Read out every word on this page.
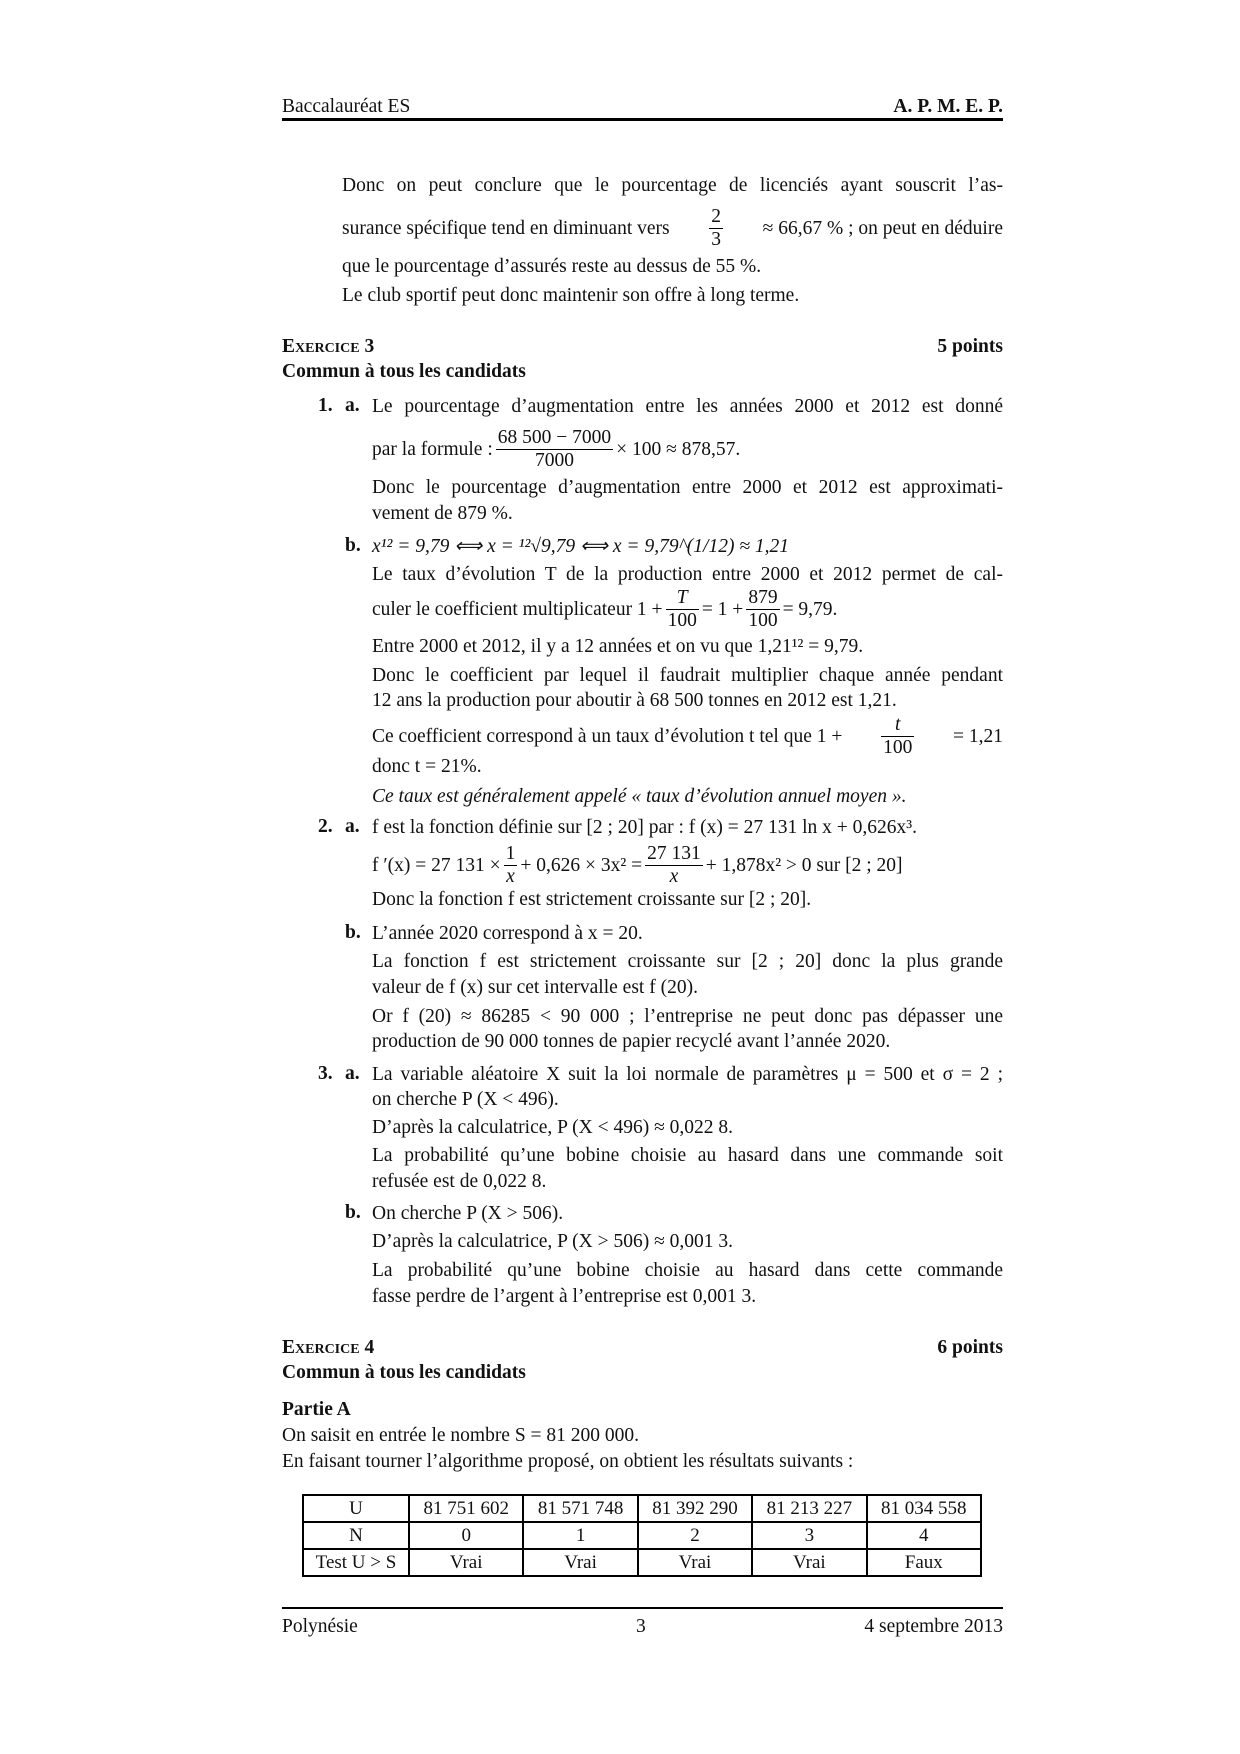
Baccalauréat ES	A. P. M. E. P.
Donc on peut conclure que le pourcentage de licenciés ayant souscrit l’as-
surance spécifique tend en diminuant vers $\frac{2}{3} \approx 66,67$ % ; on peut en déduire
que le pourcentage d’assurés reste au dessus de 55 %.
Le club sportif peut donc maintenir son offre à long terme.
Exercice 3	5 points
Commun à tous les candidats
1. a. Le pourcentage d’augmentation entre les années 2000 et 2012 est donné
par la formule : $\frac{68 500 - 7000}{7000} \times 100 \approx 878,57$.
Donc le pourcentage d’augmentation entre 2000 et 2012 est approximati-
vement de 879 %.
b. x¹² = 9,79 ⟺ x = ¹²√9,79 ⟺ x = 9,79^(1/12) ≈ 1,21
Le taux d’évolution T de la production entre 2000 et 2012 permet de cal-
culer le coefficient multiplicateur $1 + \frac{T}{100} = 1 + \frac{879}{100} = 9,79$.
Entre 2000 et 2012, il y a 12 années et on vu que 1,21¹² = 9,79.
Donc le coefficient par lequel il faudrait multiplier chaque année pendant
12 ans la production pour aboutir à 68 500 tonnes en 2012 est 1,21.
Ce coefficient correspond à un taux d’évolution t tel que $1 + \frac{t}{100} = 1,21$
donc t = 21%.
Ce taux est généralement appelé « taux d’évolution annuel moyen ».
2. a. f est la fonction définie sur [2 ; 20] par : f (x) = 27 131 ln x + 0,626x³.
f ′(x) = 27 $131 \times \frac{1}{x} + 0,626 \times 3x^2 = \frac{27 131}{x} + 1,878x^2 > 0$ sur [2 ; 20]
Donc la fonction f est strictement croissante sur [2 ; 20].
b. L’année 2020 correspond à x = 20.
La fonction f est strictement croissante sur [2 ; 20] donc la plus grande
valeur de f (x) sur cet intervalle est f (20).
Or f (20) ≈ 86285 < 90 000 ; l’entreprise ne peut donc pas dépasser une
production de 90 000 tonnes de papier recyclé avant l’année 2020.
3. a. La variable aléatoire X suit la loi normale de paramètres μ = 500 et σ = 2 ;
on cherche P (X < 496).
D’après la calculatrice, P (X < 496) ≈ 0,022 8.
La probabilité qu’une bobine choisie au hasard dans une commande soit
refusée est de 0,022 8.
b. On cherche P (X > 506).
D’après la calculatrice, P (X > 506) ≈ 0,001 3.
La probabilité qu’une bobine choisie au hasard dans cette commande
fasse perdre de l’argent à l’entreprise est 0,001 3.
Exercice 4	6 points
Commun à tous les candidats
Partie A
On saisit en entrée le nombre S = 81 200 000.
En faisant tourner l’algorithme proposé, on obtient les résultats suivants :
U	81 751 602	81 571 748	81 392 290	81 213 227	81 034 558
N	0	1	2	3	4
Test U > S	Vrai	Vrai	Vrai	Vrai	Faux
Polynésie	3	4 septembre 2013
